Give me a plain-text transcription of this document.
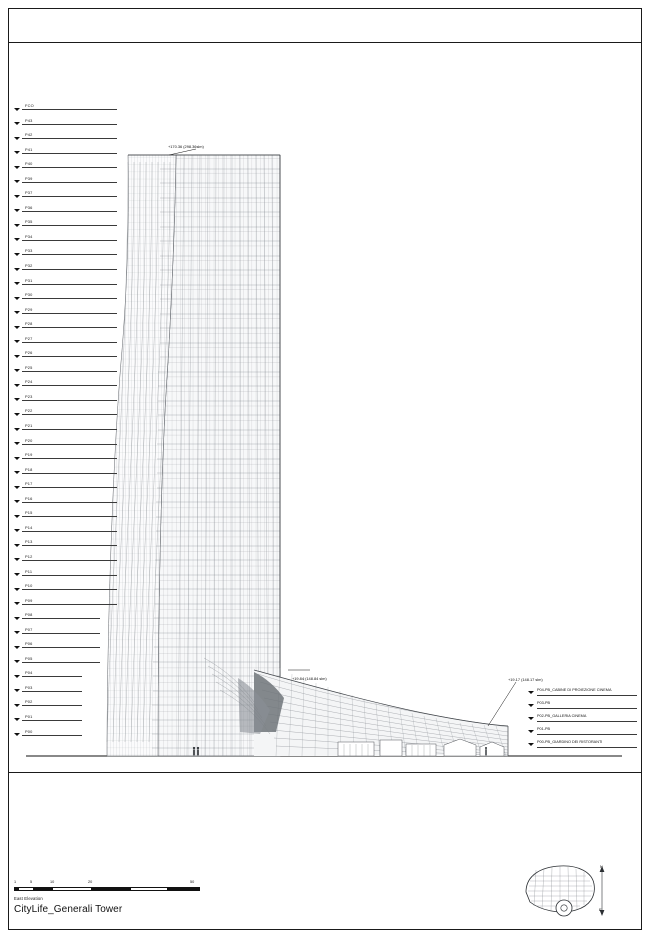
+170.36 (298.36slm)
+19.84 (148.84 slm)	+19.17 (148.17 slm)
FCO
P43
P42
P41
P40
P39
P37
P36
P35
P34
P33
P32
P31
P30
P29
P28
P27
P26
P25
P24
P23
P22
P21
P20
P19
P18
P17
P16
P15
P14
P13
P12
P11
P10
P09
P08
P07
P06
P05
P04
P03
P02
P01
P00
P04-PB_CABINE DI PROIEZIONE CINEMA
P03-PB
P02-PB_GALLERIA CINEMA
P01-PB
P00-PB_GIARDINO DEI RISTORANTI
1	5	10	20	50
East Elevation
CityLife_Generali Tower
N
E
